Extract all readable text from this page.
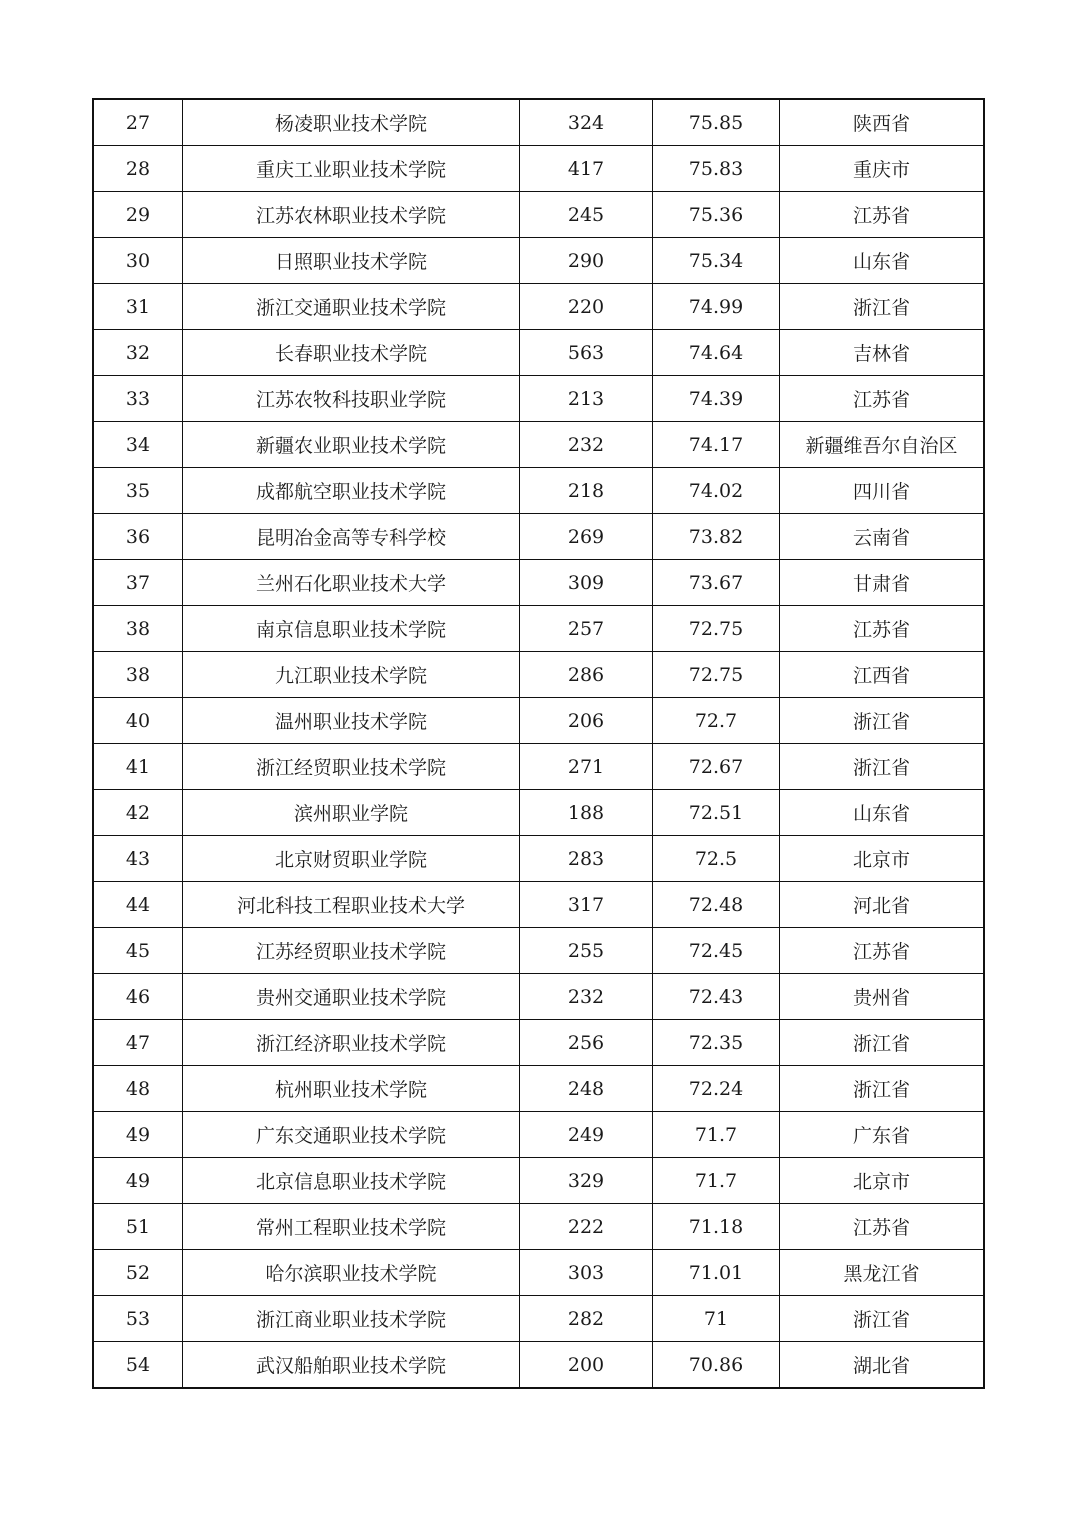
27	杨凌职业技术学院	324	75.85	陕西省
28	重庆工业职业技术学院	417	75.83	重庆市
29	江苏农林职业技术学院	245	75.36	江苏省
30	日照职业技术学院	290	75.34	山东省
31	浙江交通职业技术学院	220	74.99	浙江省
32	长春职业技术学院	563	74.64	吉林省
33	江苏农牧科技职业学院	213	74.39	江苏省
34	新疆农业职业技术学院	232	74.17	新疆维吾尔自治区
35	成都航空职业技术学院	218	74.02	四川省
36	昆明冶金高等专科学校	269	73.82	云南省
37	兰州石化职业技术大学	309	73.67	甘肃省
38	南京信息职业技术学院	257	72.75	江苏省
38	九江职业技术学院	286	72.75	江西省
40	温州职业技术学院	206	72.7	浙江省
41	浙江经贸职业技术学院	271	72.67	浙江省
42	滨州职业学院	188	72.51	山东省
43	北京财贸职业学院	283	72.5	北京市
44	河北科技工程职业技术大学	317	72.48	河北省
45	江苏经贸职业技术学院	255	72.45	江苏省
46	贵州交通职业技术学院	232	72.43	贵州省
47	浙江经济职业技术学院	256	72.35	浙江省
48	杭州职业技术学院	248	72.24	浙江省
49	广东交通职业技术学院	249	71.7	广东省
49	北京信息职业技术学院	329	71.7	北京市
51	常州工程职业技术学院	222	71.18	江苏省
52	哈尔滨职业技术学院	303	71.01	黑龙江省
53	浙江商业职业技术学院	282	71	浙江省
54	武汉船舶职业技术学院	200	70.86	湖北省
